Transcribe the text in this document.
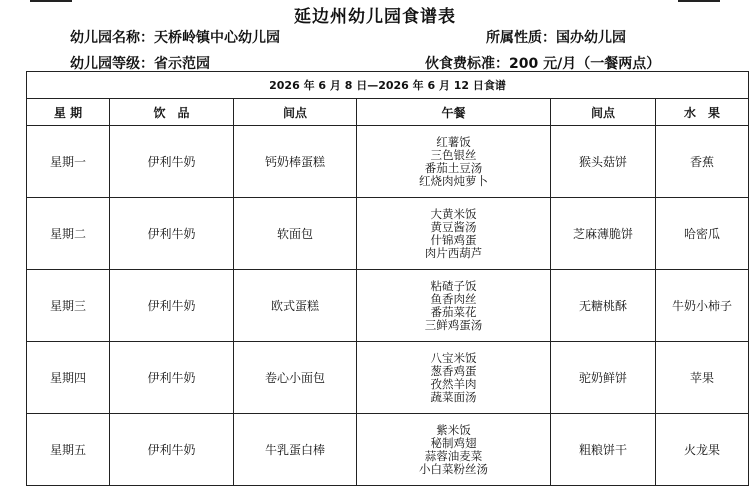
延边州幼儿园食谱表
幼儿园名称：天桥岭镇中心幼儿园	所属性质：国办幼儿园
幼儿园等级：省示范园	伙食费标准：200 元/月（一餐两点）
2026 年 6 月 8 日—2026 年 6 月 12 日食谱					
星 期	饮　品	间点	午餐	间点	水　果
星期一	伊利牛奶	钙奶棒蛋糕	红薯饭
三色银丝
番茄土豆汤
红烧肉炖萝卜	猴头菇饼	香蕉
星期二	伊利牛奶	软面包	大黄米饭
黄豆酱汤
什锦鸡蛋
肉片西葫芦	芝麻薄脆饼	哈密瓜
星期三	伊利牛奶	欧式蛋糕	粘碴子饭
鱼香肉丝
番茄菜花
三鲜鸡蛋汤	无糖桃酥	牛奶小柿子
星期四	伊利牛奶	卷心小面包	八宝米饭
葱香鸡蛋
孜然羊肉
蔬菜面汤	驼奶鲜饼	苹果
星期五	伊利牛奶	牛乳蛋白棒	紫米饭
秘制鸡翅
蒜蓉油麦菜
小白菜粉丝汤	粗粮饼干	火龙果
